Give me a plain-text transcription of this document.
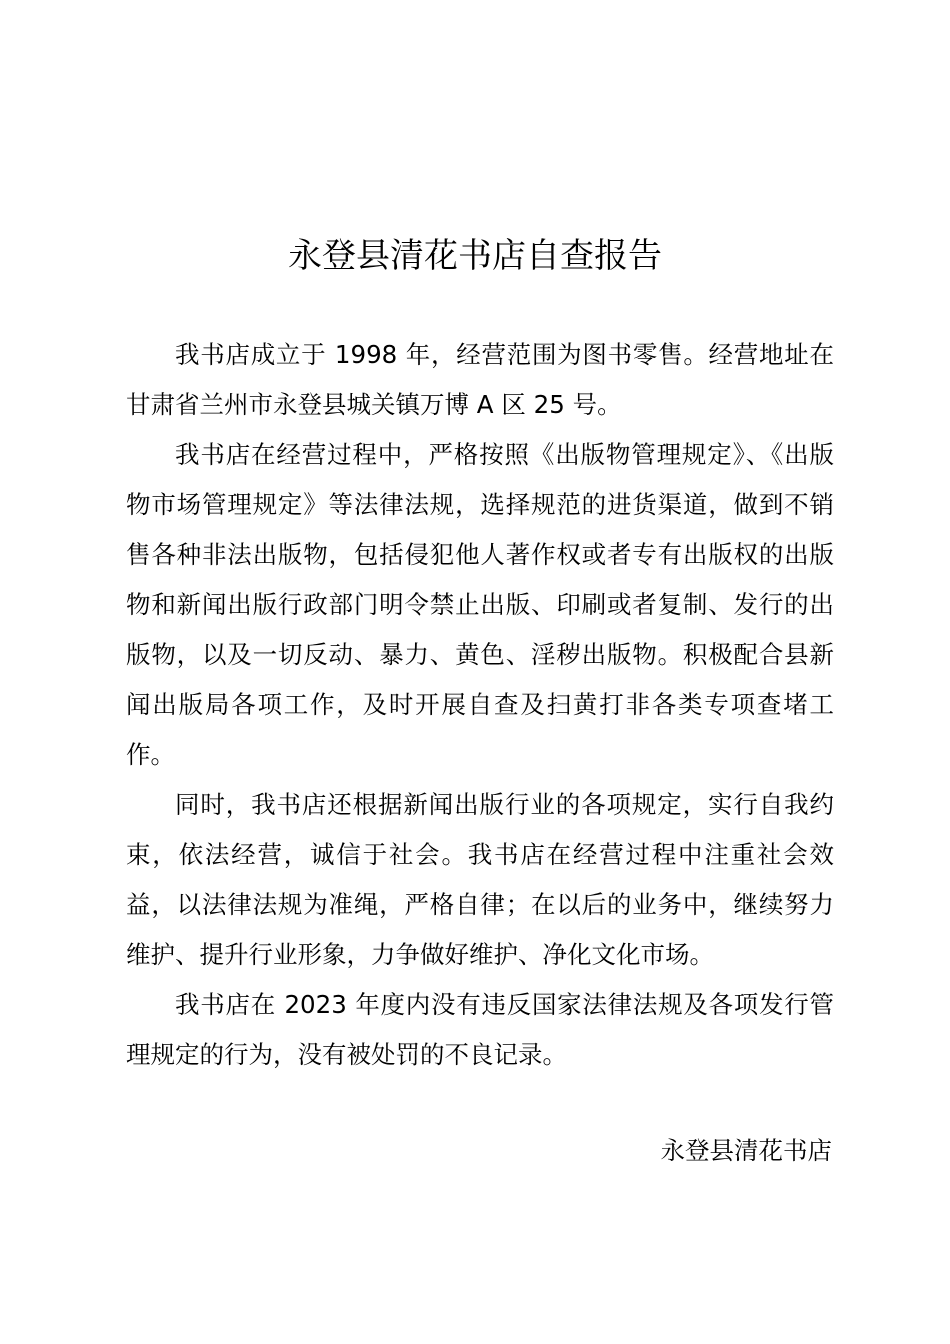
永登县清花书店自查报告

我书店成立于 1998 年，经营范围为图书零售。经营地址在甘肃省兰州市永登县城关镇万博 A 区 25 号。

我书店在经营过程中，严格按照《出版物管理规定》、《出版物市场管理规定》等法律法规，选择规范的进货渠道，做到不销售各种非法出版物，包括侵犯他人著作权或者专有出版权的出版物和新闻出版行政部门明令禁止出版、印刷或者复制、发行的出版物，以及一切反动、暴力、黄色、淫秽出版物。积极配合县新闻出版局各项工作，及时开展自查及扫黄打非各类专项查堵工作。

同时，我书店还根据新闻出版行业的各项规定，实行自我约束，依法经营，诚信于社会。我书店在经营过程中注重社会效益，以法律法规为准绳，严格自律；在以后的业务中，继续努力维护、提升行业形象，力争做好维护、净化文化市场。

我书店在 2023 年度内没有违反国家法律法规及各项发行管理规定的行为，没有被处罚的不良记录。

永登县清花书店
